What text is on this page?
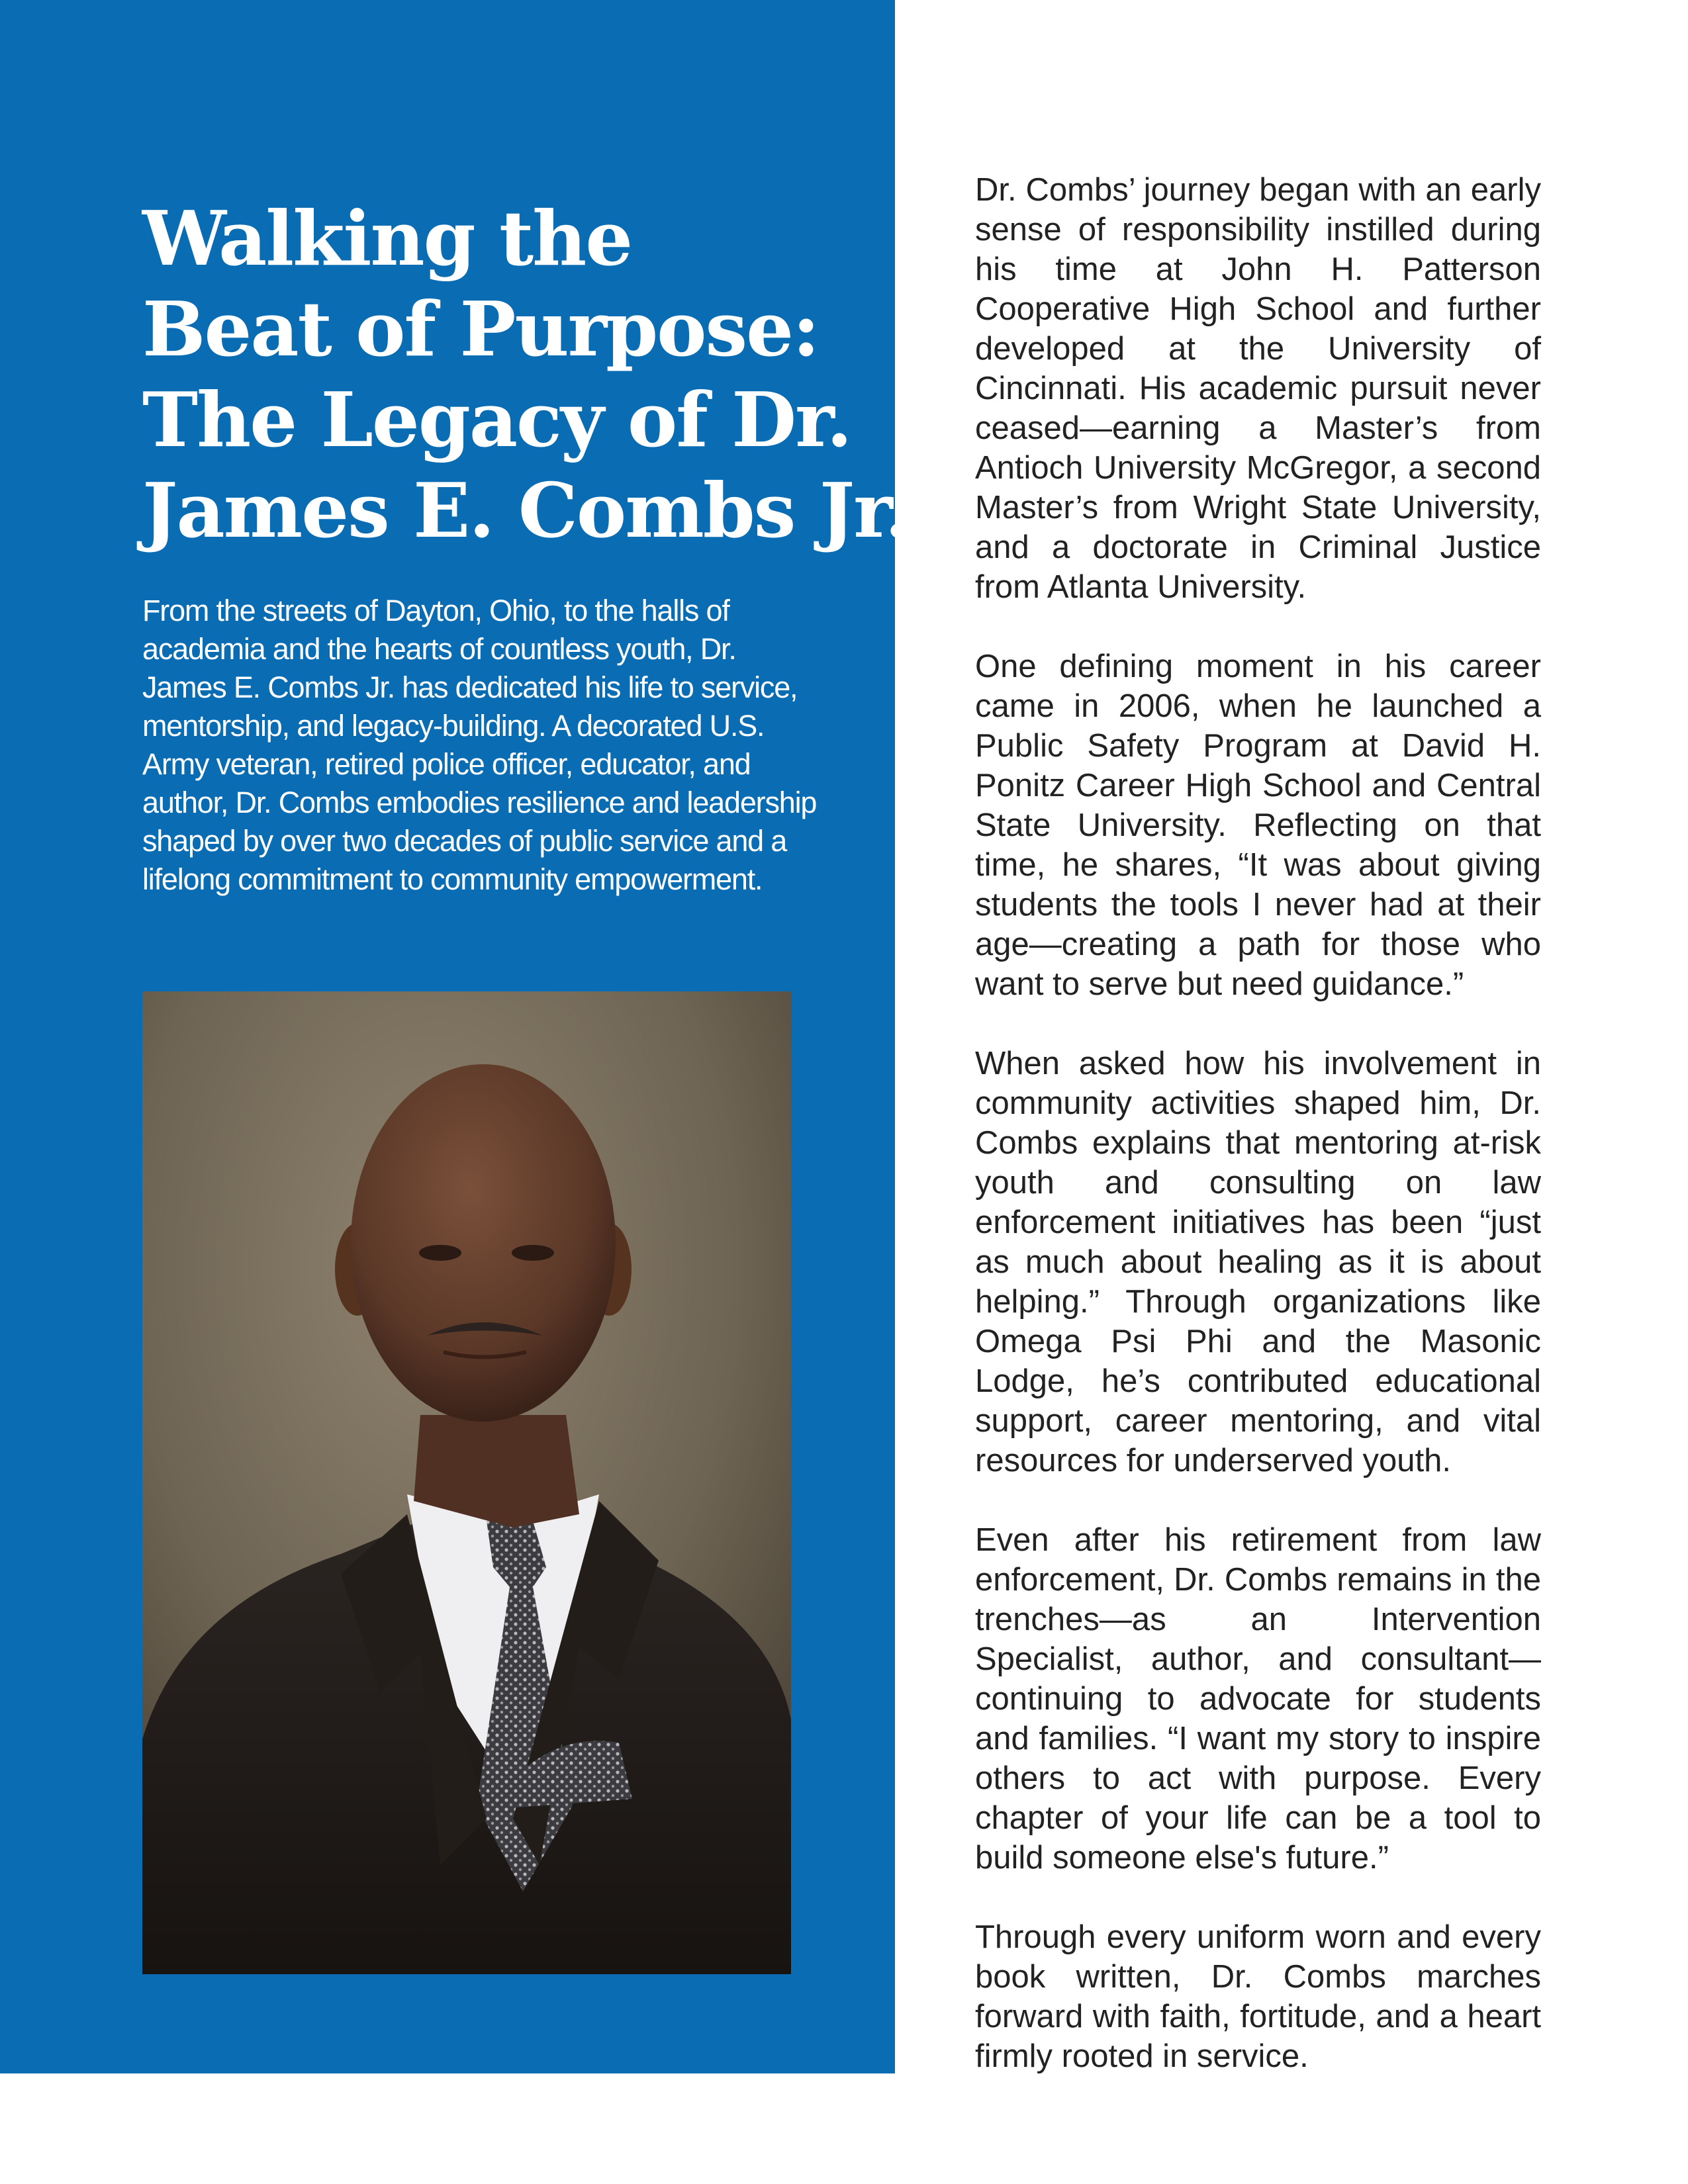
Walking the
Beat of Purpose:
The Legacy of Dr.
James E. Combs Jr.

From the streets of Dayton, Ohio, to the halls of academia and the hearts of countless youth, Dr. James E. Combs Jr. has dedicated his life to service, mentorship, and legacy-building. A decorated U.S. Army veteran, retired police officer, educator, and author, Dr. Combs embodies resilience and leadership shaped by over two decades of public service and a lifelong commitment to community empowerment.

Dr. Combs’ journey began with an early sense of responsibility instilled during his time at John H. Patterson Cooperative High School and further developed at the University of Cincinnati. His academic pursuit never ceased—earning a Master’s from Antioch University McGregor, a second Master’s from Wright State University, and a doctorate in Criminal Justice from Atlanta University.

One defining moment in his career came in 2006, when he launched a Public Safety Program at David H. Ponitz Career High School and Central State University. Reflecting on that time, he shares, “It was about giving students the tools I never had at their age—creating a path for those who want to serve but need guidance.”

When asked how his involvement in community activities shaped him, Dr. Combs explains that mentoring at-risk youth and consulting on law enforcement initiatives has been “just as much about healing as it is about helping.” Through organizations like Omega Psi Phi and the Masonic Lodge, he’s contributed educational support, career mentoring, and vital resources for underserved youth.

Even after his retirement from law enforcement, Dr. Combs remains in the trenches—as an Intervention Specialist, author, and consultant—continuing to advocate for students and families. “I want my story to inspire others to act with purpose. Every chapter of your life can be a tool to build someone else's future.”

Through every uniform worn and every book written, Dr. Combs marches forward with faith, fortitude, and a heart firmly rooted in service.
